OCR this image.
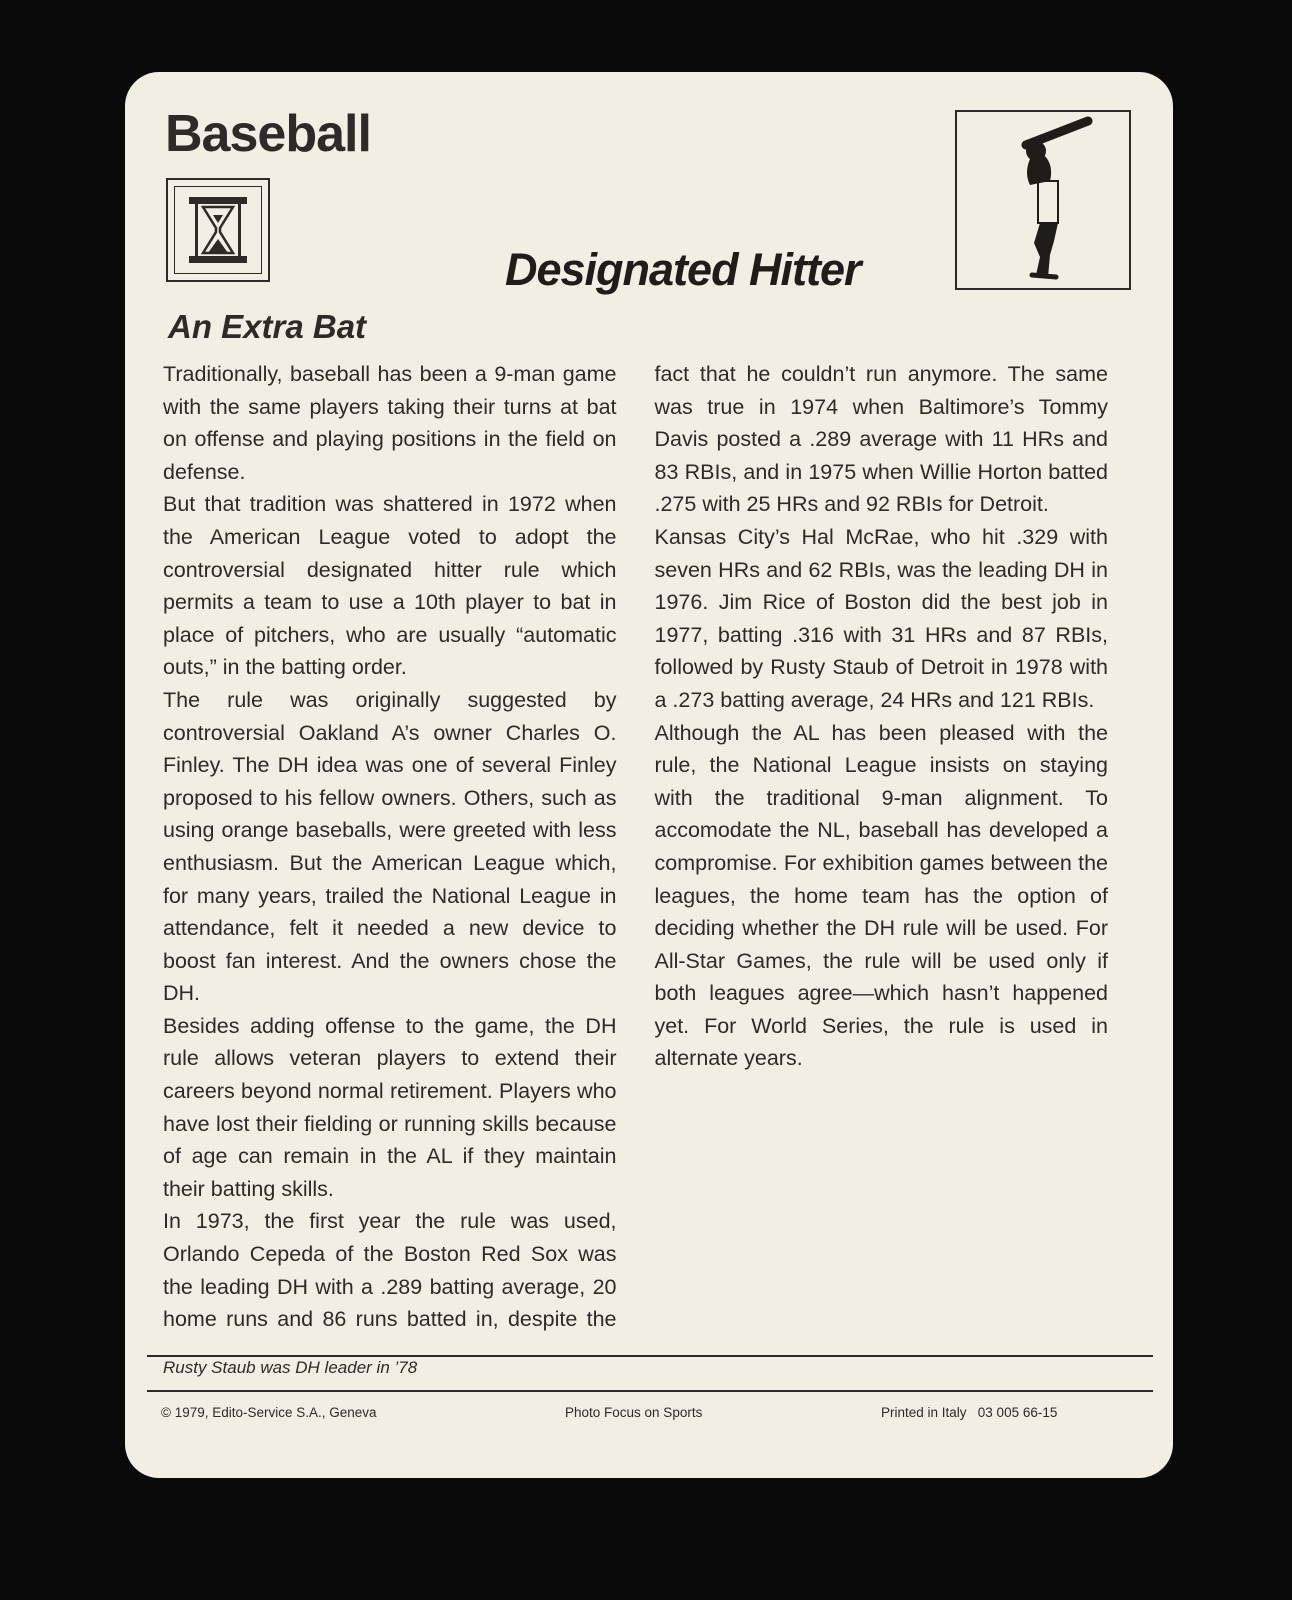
Baseball
Designated Hitter
An Extra Bat

Traditionally, baseball has been a 9-man game with the same players taking their turns at bat on offense and playing positions in the field on defense.

But that tradition was shattered in 1972 when the American League voted to adopt the controversial designated hitter rule which permits a team to use a 10th player to bat in place of pitchers, who are usually “automatic outs,” in the batting order.

The rule was originally suggested by controversial Oakland A’s owner Charles O. Finley. The DH idea was one of several Finley proposed to his fellow owners. Others, such as using orange baseballs, were greeted with less enthusiasm. But the American League which, for many years, trailed the National League in attendance, felt it needed a new device to boost fan interest. And the owners chose the DH.

Besides adding offense to the game, the DH rule allows veteran players to extend their careers beyond normal retirement. Players who have lost their fielding or running skills because of age can remain in the AL if they maintain their batting skills.

In 1973, the first year the rule was used, Orlando Cepeda of the Boston Red Sox was the leading DH with a .289 batting average, 20 home runs and 86 runs batted in, despite the fact that he couldn’t run anymore. The same was true in 1974 when Baltimore’s Tommy Davis posted a .289 average with 11 HRs and 83 RBIs, and in 1975 when Willie Horton batted .275 with 25 HRs and 92 RBIs for Detroit.

Kansas City’s Hal McRae, who hit .329 with seven HRs and 62 RBIs, was the leading DH in 1976. Jim Rice of Boston did the best job in 1977, batting .316 with 31 HRs and 87 RBIs, followed by Rusty Staub of Detroit in 1978 with a .273 batting average, 24 HRs and 121 RBIs.

Although the AL has been pleased with the rule, the National League insists on staying with the traditional 9-man alignment. To accomodate the NL, baseball has developed a compromise. For exhibition games between the leagues, the home team has the option of deciding whether the DH rule will be used. For All-Star Games, the rule will be used only if both leagues agree—which hasn’t happened yet. For World Series, the rule is used in alternate years.

Rusty Staub was DH leader in ’78
© 1979, Edito-Service S.A., Geneva	Photo Focus on Sports	Printed in Italy   03 005 66-15
